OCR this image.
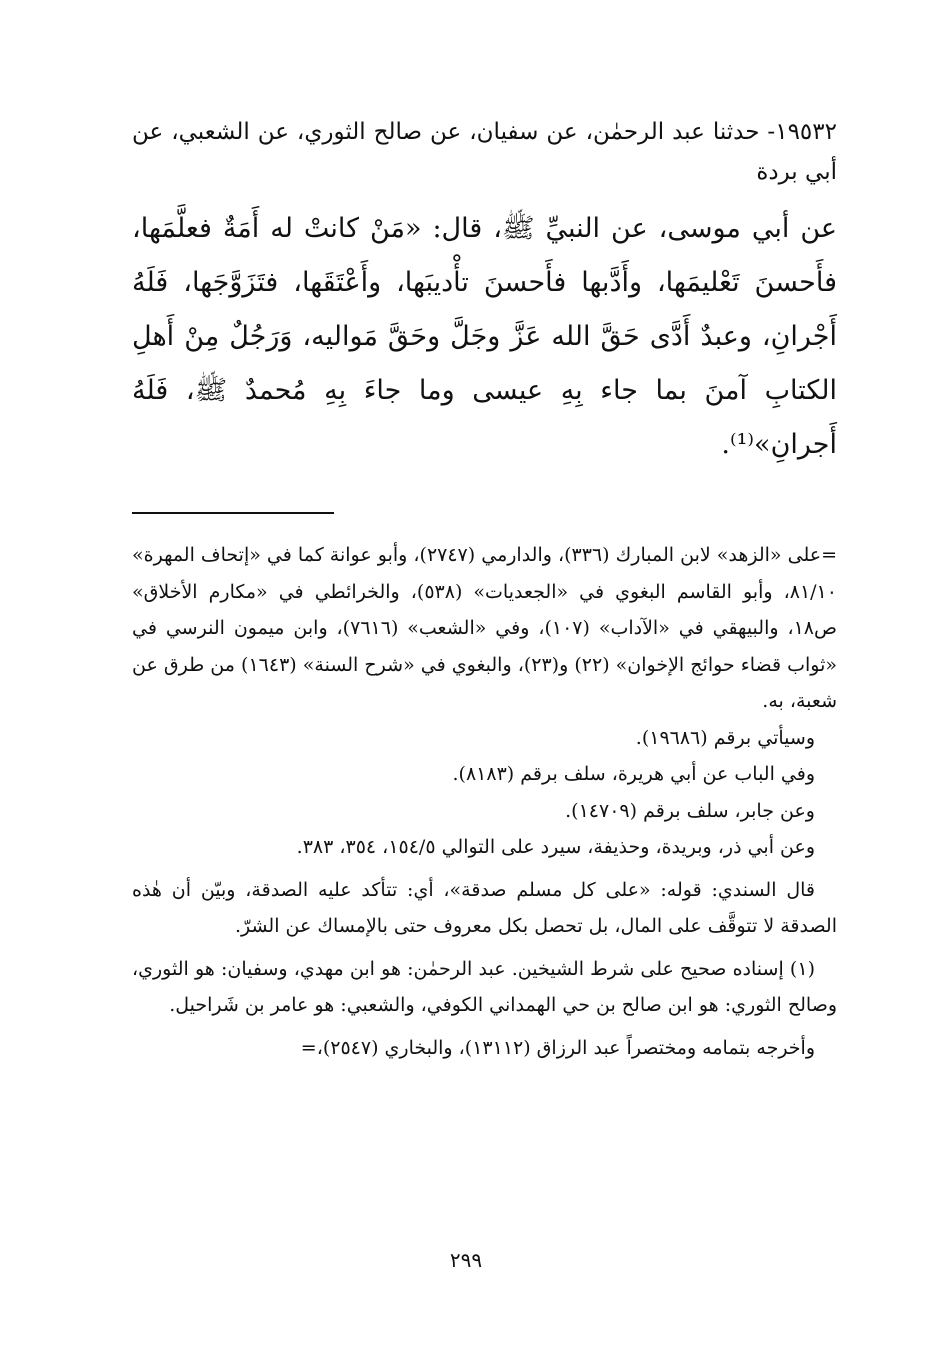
١٩٥٣٢- حدثنا عبد الرحمٰن، عن سفيان، عن صالح الثوري، عن الشعبي، عن أبي بردة

عن أبي موسى، عن النبيِّ ﷺ، قال: «مَنْ كانتْ له أَمَةٌ فعلَّمَها، فأَحسنَ تَعْليمَها، وأَدَّبها فأَحسنَ تأْديبَها، وأَعْتَقَها، فتَزَوَّجَها، فَلَهُ أَجْرانِ، وعبدٌ أَدَّى حَقَّ الله عَزَّ وجَلَّ وحَقَّ مَواليه، وَرَجُلٌ مِنْ أَهلِ الكتابِ آمنَ بما جاء بِهِ عيسى وما جاءَ بِهِ مُحمدٌ ﷺ، فَلَهُ أَجرانِ»⁽¹⁾.

=على «الزهد» لابن المبارك (٣٣٦)، والدارمي (٢٧٤٧)، وأبو عوانة كما في «إتحاف المهرة» ٨١/١٠، وأبو القاسم البغوي في «الجعديات» (٥٣٨)، والخرائطي في «مكارم الأخلاق» ص١٨، والبيهقي في «الآداب» (١٠٧)، وفي «الشعب» (٧٦١٦)، وابن ميمون النرسي في «ثواب قضاء حوائج الإخوان» (٢٢) و(٢٣)، والبغوي في «شرح السنة» (١٦٤٣) من طرق عن شعبة، به.

وسيأتي برقم (١٩٦٨٦).

وفي الباب عن أبي هريرة، سلف برقم (٨١٨٣).

وعن جابر، سلف برقم (١٤٧٠٩).

وعن أبي ذر، وبريدة، وحذيفة، سيرد على التوالي ١٥٤/٥، ٣٥٤، ٣٨٣.

قال السندي: قوله: «على كل مسلم صدقة»، أي: تتأكد عليه الصدقة، وبيّن أن هٰذه الصدقة لا تتوقَّف على المال، بل تحصل بكل معروف حتى بالإمساك عن الشرّ.

(١) إسناده صحيح على شرط الشيخين. عبد الرحمٰن: هو ابن مهدي، وسفيان: هو الثوري، وصالح الثوري: هو ابن صالح بن حي الهمداني الكوفي، والشعبي: هو عامر بن شَراحيل.

وأخرجه بتمامه ومختصراً عبد الرزاق (١٣١١٢)، والبخاري (٢٥٤٧)،=

٢٩٩
